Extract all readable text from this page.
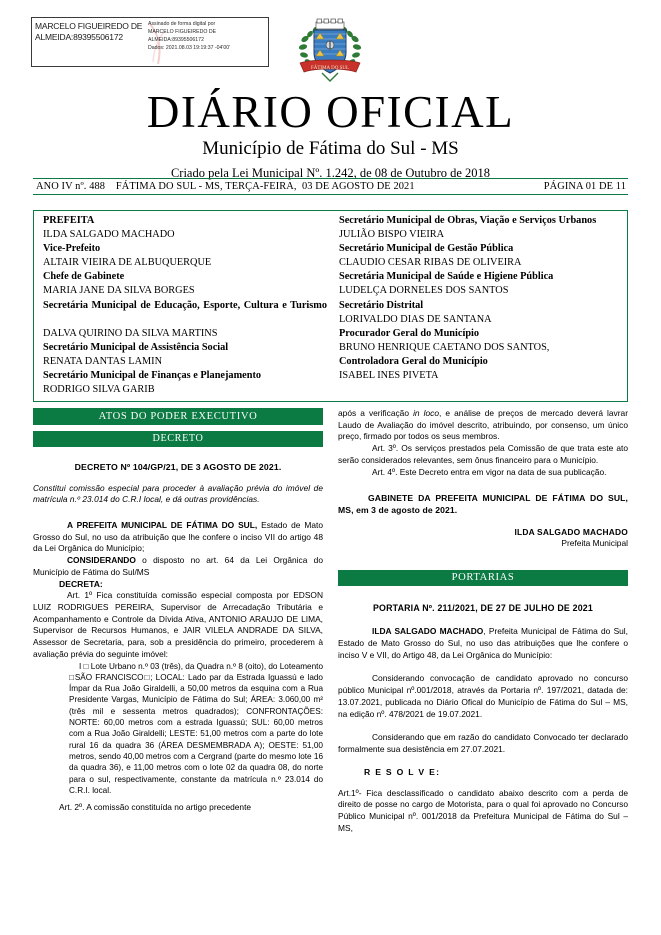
MARCELO FIGUEIREDO DE ALMEIDA:89395506172
Assinado de forma digital por
MARCELO FIGUEIREDO DE ALMEIDA:89395506172
Dados: 2021.08.03 19:19:37 -04'00'
FÁTIMA DO SUL
DIÁRIO OFICIAL
Município de Fátima do Sul - MS
Criado pela Lei Municipal Nº. 1.242, de 08 de Outubro de 2018
ANO IV nº. 488    FÁTIMA DO SUL - MS, TERÇA-FEIRA,  03 DE AGOSTO DE 2021	PÁGINA 01 DE 11
PREFEITA
ILDA SALGADO MACHADO
Vice-Prefeito
ALTAIR VIEIRA DE ALBUQUERQUE
Chefe de Gabinete
MARIA JANE DA SILVA BORGES
Secretária Municipal de Educação, Esporte, Cultura e Turismo
DALVA QUIRINO DA SILVA MARTINS
Secretário Municipal de Assistência Social
RENATA DANTAS LAMIN
Secretário Municipal de Finanças e Planejamento
RODRIGO SILVA GARIB
Secretário Municipal de Obras, Viação e Serviços Urbanos
JULIÃO BISPO VIEIRA
Secretário Municipal de Gestão Pública
CLAUDIO CESAR RIBAS DE OLIVEIRA
Secretária Municipal de Saúde e Higiene Pública
LUDELÇA DORNELES DOS SANTOS
Secretário Distrital
LORIVALDO DIAS DE SANTANA
Procurador Geral do Município
BRUNO HENRIQUE CAETANO DOS SANTOS,
Controladora Geral do Município
ISABEL INES PIVETA
ATOS DO PODER EXECUTIVO
DECRETO
DECRETO Nº 104/GP/21, DE 3 AGOSTO DE 2021.
Constitui comissão especial para proceder à avaliação prévia do imóvel de matrícula n.º 23.014 do C.R.I local, e dá outras providências.
A PREFEITA MUNICIPAL DE FÁTIMA DO SUL, Estado de Mato Grosso do Sul, no uso da atribuição que lhe confere o inciso VII do artigo 48 da Lei Orgânica do Município;
CONSIDERANDO o disposto no art. 64 da Lei Orgânica do Município de Fátima do Sul/MS
DECRETA:
Art. 1º Fica constituída comissão especial composta por EDSON LUIZ RODRIGUES PEREIRA, Supervisor de Arrecadação Tributária e Acompanhamento e Controle da Dívida Ativa, ANTONIO ARAUJO DE LIMA, Supervisor de Recursos Humanos, e JAIR VILELA ANDRADE DA SILVA, Assessor de Secretaria, para, sob a presidência do primeiro, procederem à avaliação prévia do seguinte imóvel:
I □ Lote Urbano n.º 03 (três), da Quadra n.º 8 (oito), do Loteamento □SÃO FRANCISCO□; LOCAL: Lado par da Estrada Iguassú e lado Ímpar da Rua João Giraldelli, a 50,00 metros da esquina com a Rua Presidente Vargas, Município de Fátima do Sul; ÁREA: 3.060,00 m² (três mil e sessenta metros quadrados); CONFRONTAÇÕES: NORTE: 60,00 metros com a estrada Iguassú; SUL: 60,00 metros com a Rua João Giraldelli; LESTE: 51,00 metros com a parte do lote rural 16 da quadra 36 (ÁREA DESMEMBRADA A); OESTE: 51,00 metros, sendo 40,00 metros com a Cergrand (parte do mesmo lote 16 da quadra 36), e 11,00 metros com o lote 02 da quadra 08, do norte para o sul, respectivamente, constante da matrícula n.º 23.014 do C.R.I. local.
Art. 2º. A comissão constituída no artigo precedente
após a verificação in loco, e análise de preços de mercado deverá lavrar Laudo de Avaliação do imóvel descrito, atribuindo, por consenso, um único preço, firmado por todos os seus membros.
Art. 3º. Os serviços prestados pela Comissão de que trata este ato serão considerados relevantes, sem ônus financeiro para o Município.
Art. 4º. Este Decreto entra em vigor na data de sua publicação.
GABINETE DA PREFEITA MUNICIPAL DE FÁTIMA DO SUL, MS, em 3 de agosto de 2021.
ILDA SALGADO MACHADO
Prefeita Municipal
PORTARIAS
PORTARIA Nº. 211/2021, DE 27 DE JULHO DE 2021
ILDA SALGADO MACHADO, Prefeita Municipal de Fátima do Sul, Estado de Mato Grosso do Sul, no uso das atribuições que lhe confere o inciso V e VII, do Artigo 48, da Lei Orgânica do Município:
Considerando convocação de candidato aprovado no concurso público Municipal nº.001/2018, através da Portaria nº. 197/2021, datada de: 13.07.2021, publicada no Diário Ofical do Município de Fátima do Sul – MS, na edição nº. 478/2021 de 19.07.2021.
Considerando que em razão do candidato Convocado ter declarado formalmente sua desistência em 27.07.2021.
R E S O L V E:
Art.1º- Fica desclassificado o candidato abaixo descrito com a perda de direito de posse no cargo de Motorista, para o qual foi aprovado no Concurso Público Municipal nº. 001/2018 da Prefeitura Municipal de Fátima do Sul – MS,
